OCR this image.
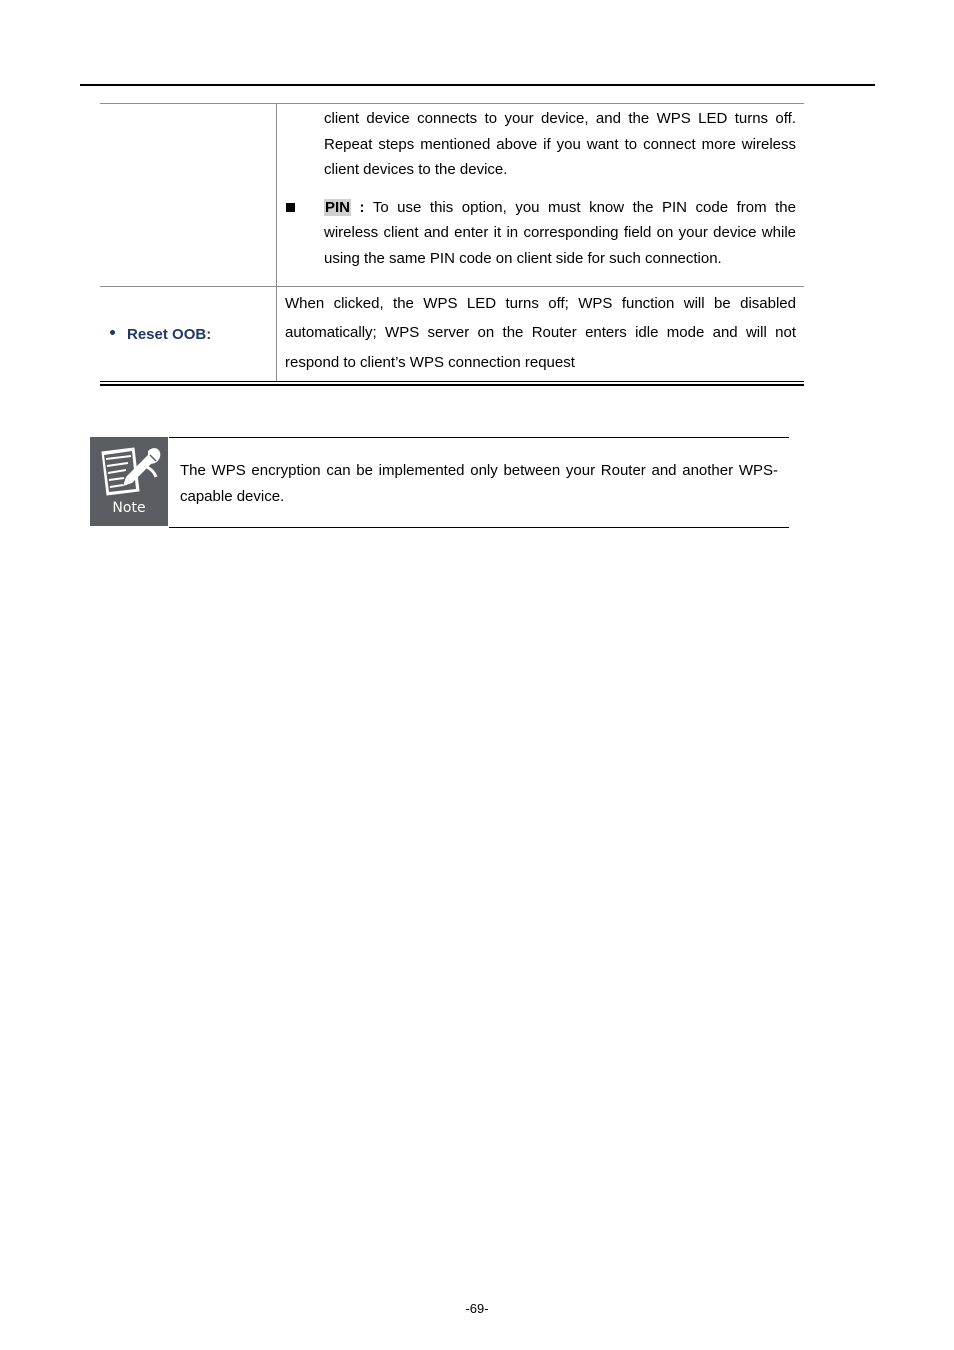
client device connects to your device, and the WPS LED turns off. Repeat steps mentioned above if you want to connect more wireless client devices to the device.
PIN : To use this option, you must know the PIN code from the wireless client and enter it in corresponding field on your device while using the same PIN code on client side for such connection.
Reset OOB:
When clicked, the WPS LED turns off; WPS function will be disabled automatically; WPS server on the Router enters idle mode and will not respond to client’s WPS connection request
Note
The WPS encryption can be implemented only between your Router and another WPS-capable device.
-69-
